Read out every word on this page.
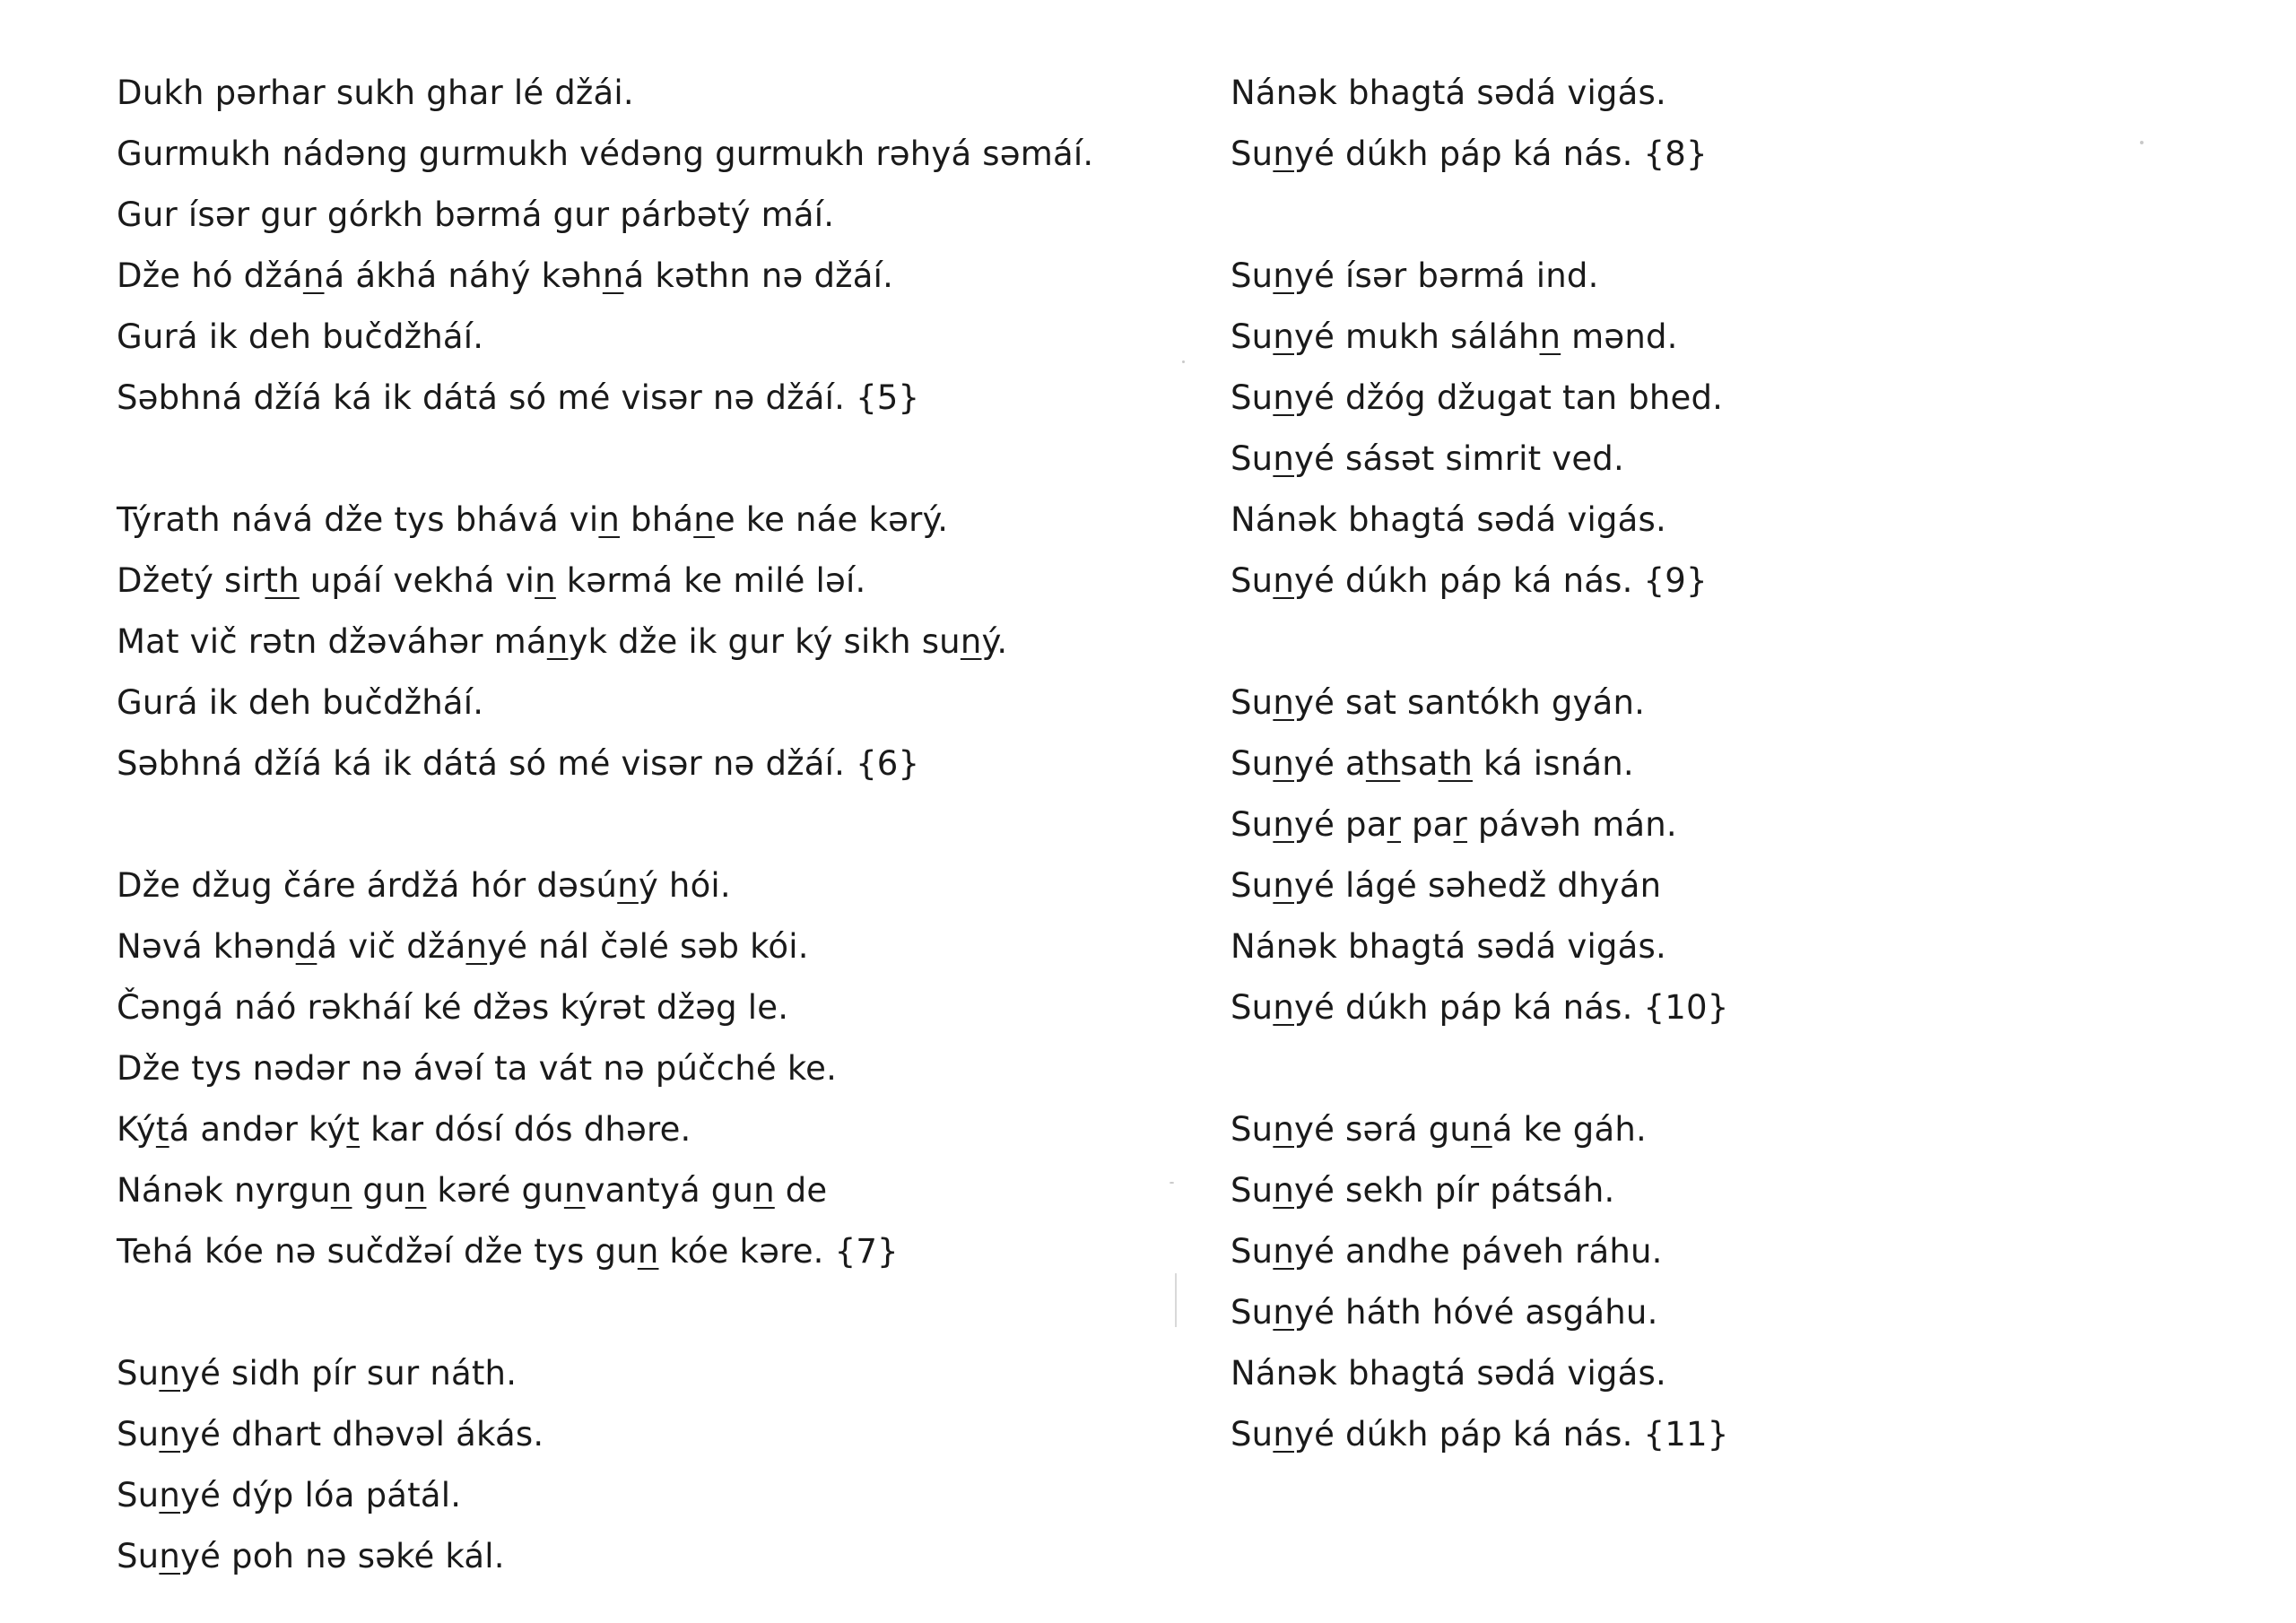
Dukh pərhar sukh ghar lé džái.
Gurmukh nádəng gurmukh védəng gurmukh rəhyá səmáí.
Gur ísər gur górkh bərmá gur párbətý máí.
Dže hó džáná ákhá náhý kəhná kəthn nə džáí.
Gurá ik deh bučdžháí.
Səbhná džíá ká ik dátá só mé visər nə džáí. {5}
Týrath nává dže tys bhává vin bháne ke náe kərý.
Džetý sirth upáí vekhá vin kərmá ke milé ləí.
Mat vič rətn džəváhər mányk dže ik gur ký sikh suný.
Gurá ik deh bučdžháí.
Səbhná džíá ká ik dátá só mé visər nə džáí. {6}
Dže džug čáre árdžá hór dəsúný hói.
Nəvá khəndá vič džányé nál čəlé səb kói.
Čəngá náó rəkháí ké džəs kýrət džəg le.
Dže tys nədər nə ávəí ta vát nə púčché ke.
Kýtá andər kýt kar dósí dós dhəre.
Nánək nyrgun gun kəré gunvantyá gun de
Tehá kóe nə sučdžəí dže tys gun kóe kəre. {7}
Sunyé sidh pír sur náth.
Sunyé dhart dhəvəl ákás.
Sunyé dýp lóa pátál.
Sunyé poh nə səké kál.
Nánək bhagtá sədá vigás.
Sunyé dúkh páp ká nás. {8}
Sunyé ísər bərmá ind.
Sunyé mukh sáláhn mənd.
Sunyé džóg džugat tan bhed.
Sunyé sásət simrit ved.
Nánək bhagtá sədá vigás.
Sunyé dúkh páp ká nás. {9}
Sunyé sat santókh gyán.
Sunyé athsath ká isnán.
Sunyé par par pávəh mán.
Sunyé lágé səhedž dhyán
Nánək bhagtá sədá vigás.
Sunyé dúkh páp ká nás. {10}
Sunyé sərá guná ke gáh.
Sunyé sekh pír pátsáh.
Sunyé andhe páveh ráhu.
Sunyé háth hóvé asgáhu.
Nánək bhagtá sədá vigás.
Sunyé dúkh páp ká nás. {11}
